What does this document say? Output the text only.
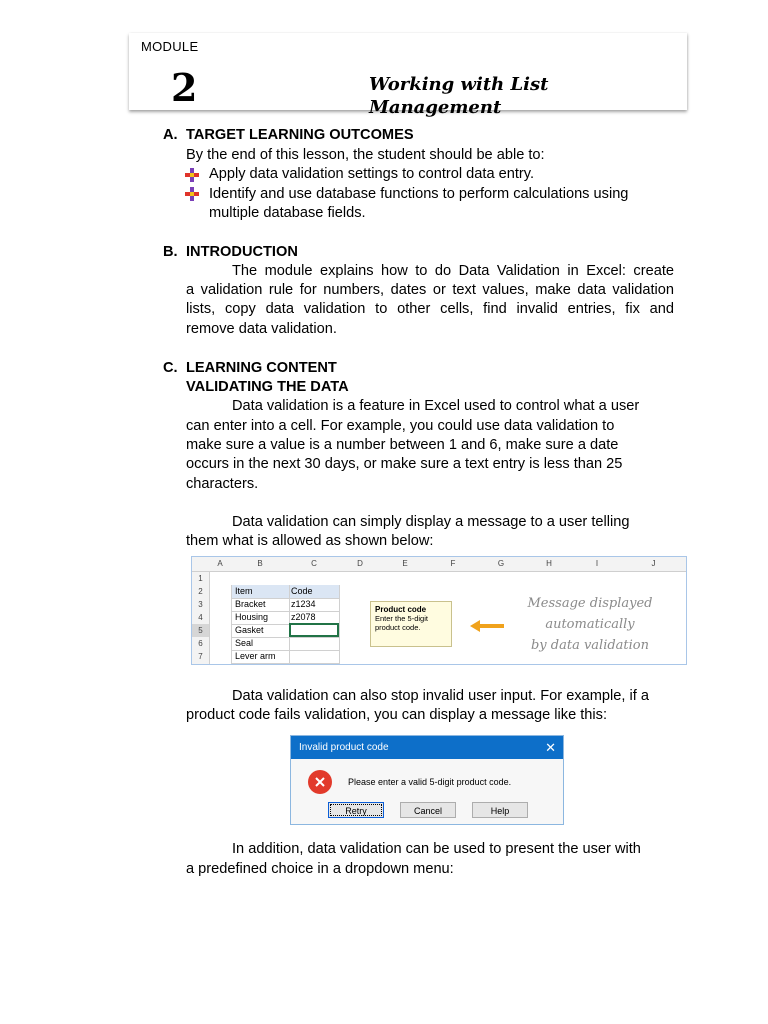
MODULE
2	Working with List Management
A. TARGET LEARNING OUTCOMES
By the end of this lesson, the student should be able to:
Apply data validation settings to control data entry.
Identify and use database functions to perform calculations using
multiple database fields.
B. INTRODUCTION
The module explains how to do Data Validation in Excel: create
a validation rule for numbers, dates or text values, make data validation
lists, copy data validation to other cells, find invalid entries, fix and
remove data validation.
C. LEARNING CONTENT
VALIDATING THE DATA
Data validation is a feature in Excel used to control what a user
can enter into a cell. For example, you could use data validation to
make sure a value is a number between 1 and 6, make sure a date
occurs in the next 30 days, or make sure a text entry is less than 25
characters.
Data validation can simply display a message to a user telling
them what is allowed as shown below:
A	B	C	D	E	F	G	H	I	J
1
2
3
4
5
6
7
Item	Code
Bracket	z1234
Housing	z2078
Gasket
Seal
Lever arm
Product code
Enter the 5-digit
product code.
Message displayed
automatically
by data validation
Data validation can also stop invalid user input. For example, if a
product code fails validation, you can display a message like this:
Invalid product code	✕
Please enter a valid 5-digit product code.
Retry	Cancel	Help
In addition, data validation can be used to present the user with
a predefined choice in a dropdown menu:
